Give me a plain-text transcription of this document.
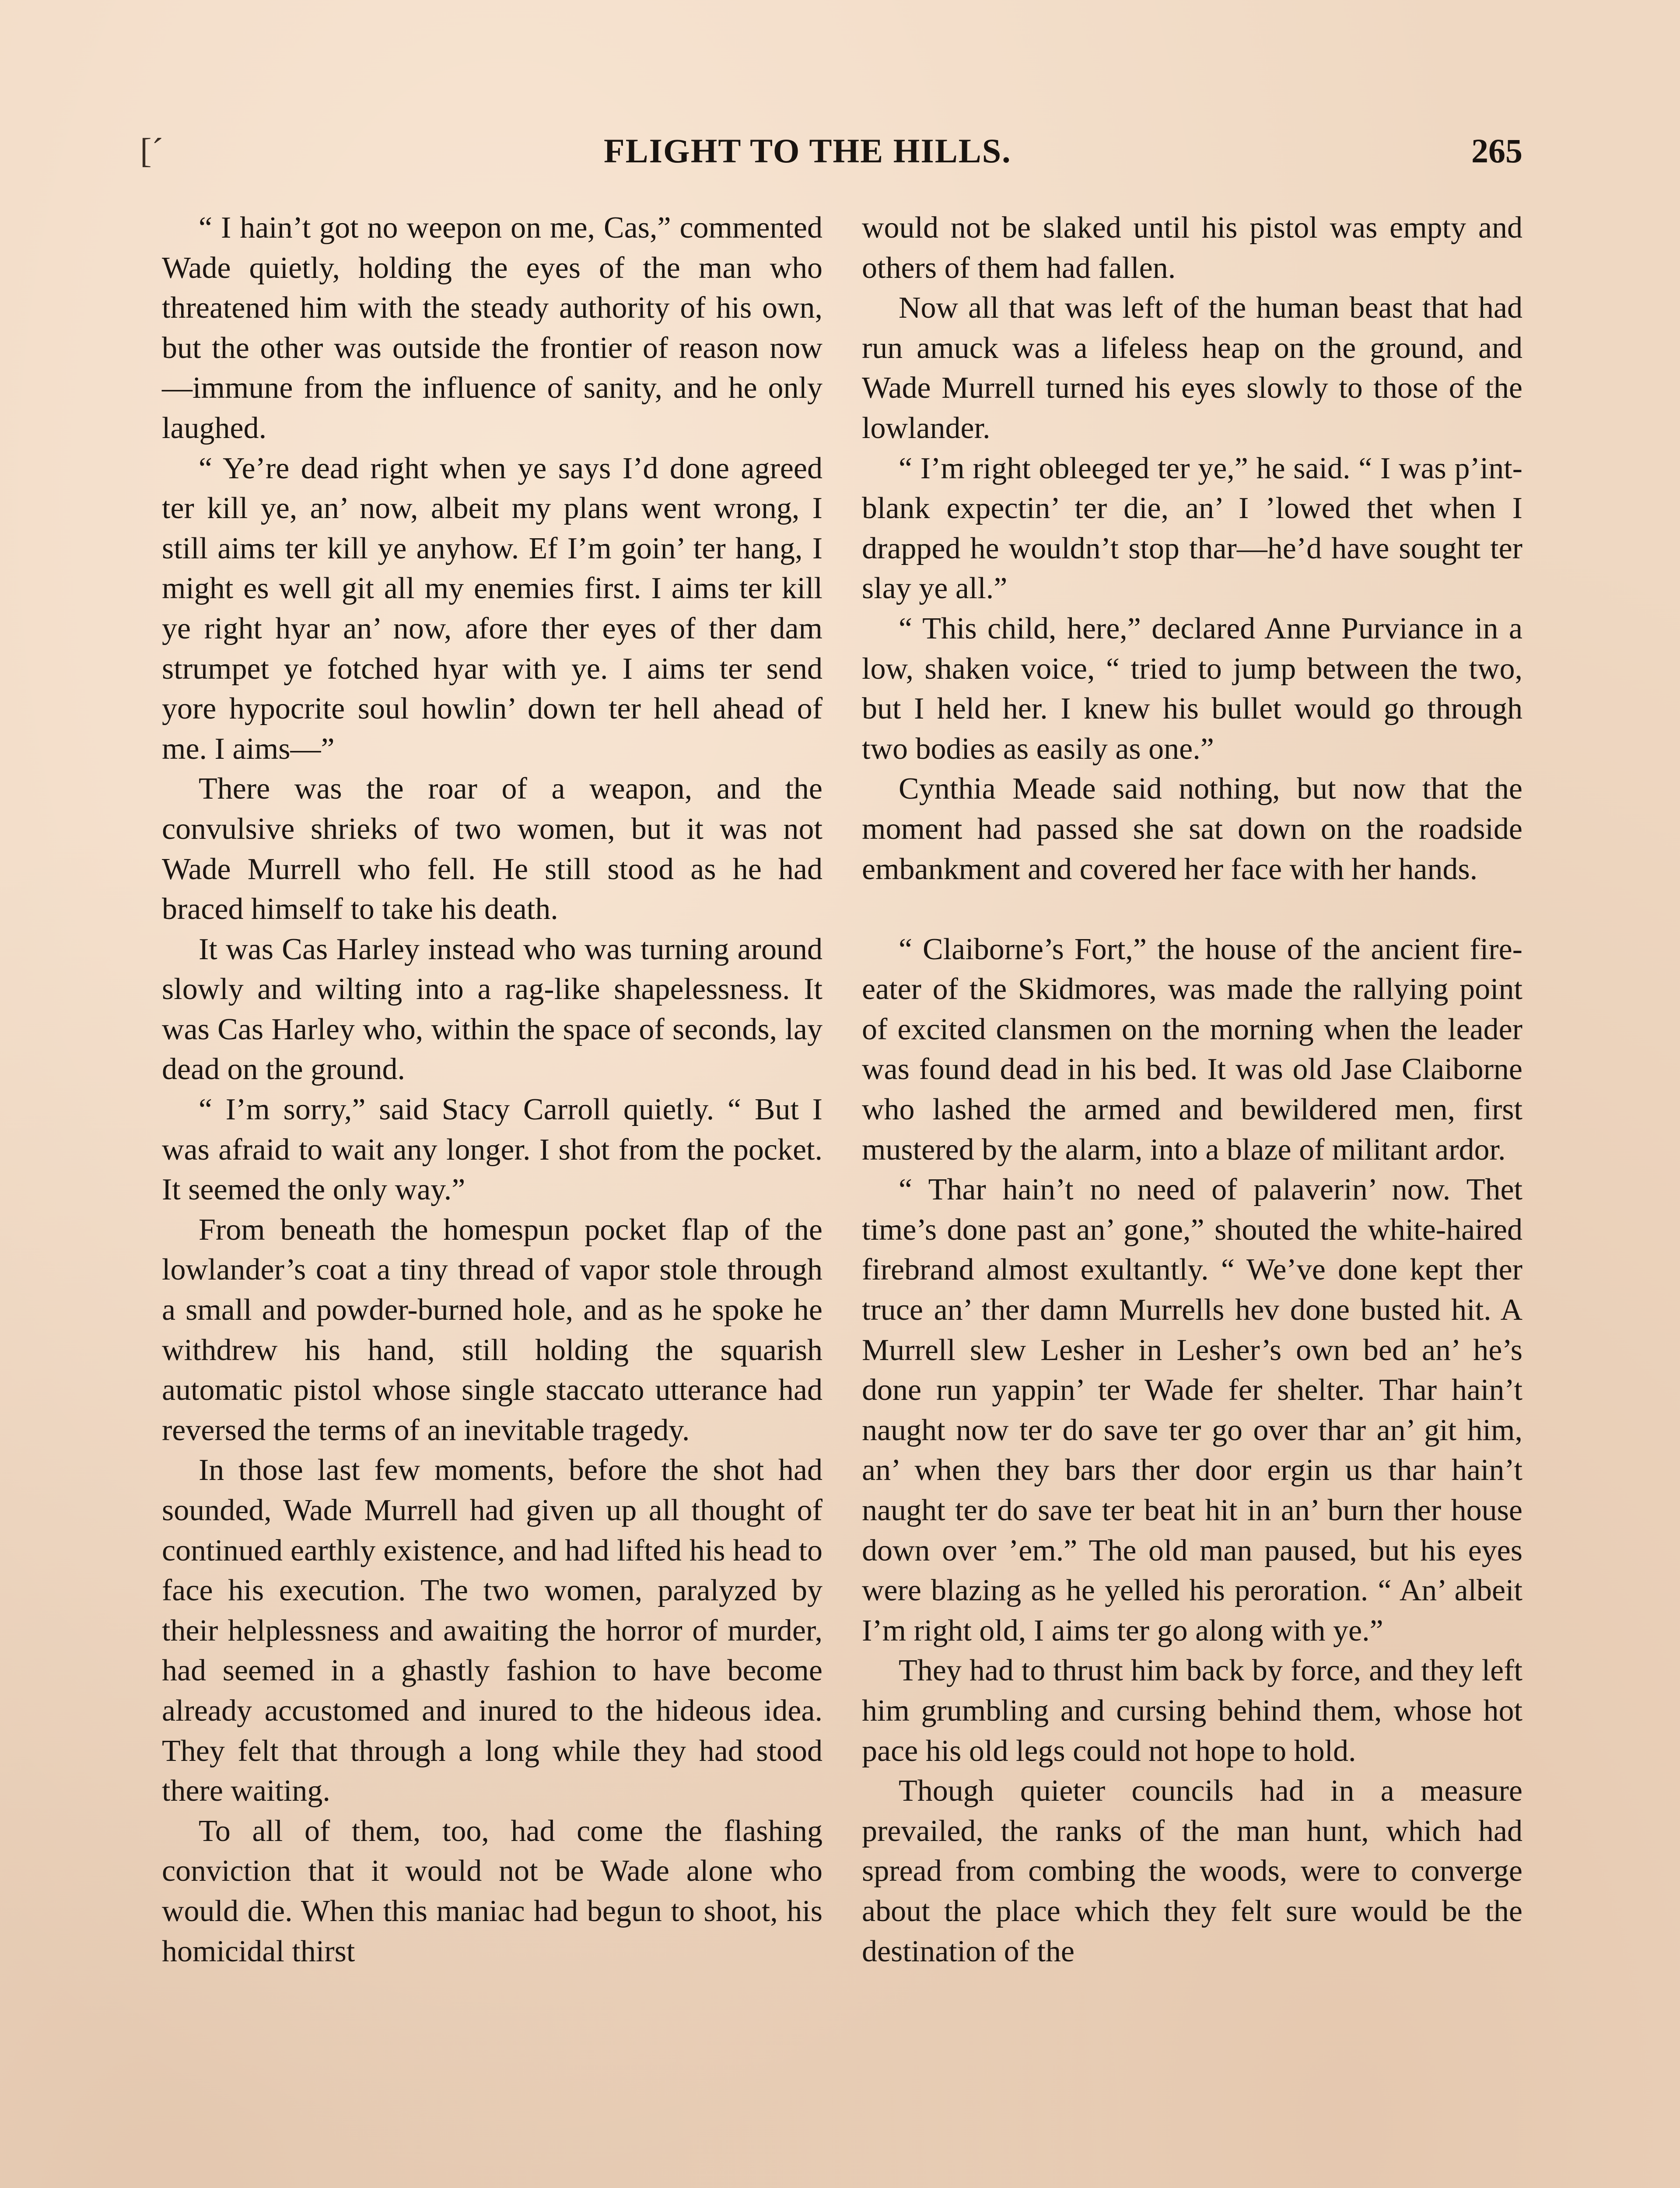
[ˊ	FLIGHT TO THE HILLS.	265

“ I hain’t got no weepon on me, Cas,” commented Wade quietly, holding the eyes of the man who threatened him with the steady authority of his own, but the other was outside the frontier of reason now—immune from the influence of sanity, and he only laughed.

“ Ye’re dead right when ye says I’d done agreed ter kill ye, an’ now, albeit my plans went wrong, I still aims ter kill ye anyhow. Ef I’m goin’ ter hang, I might es well git all my enemies first. I aims ter kill ye right hyar an’ now, afore ther eyes of ther dam strumpet ye fotched hyar with ye. I aims ter send yore hypocrite soul howlin’ down ter hell ahead of me. I aims—”

There was the roar of a weapon, and the convulsive shrieks of two women, but it was not Wade Murrell who fell. He still stood as he had braced himself to take his death.

It was Cas Harley instead who was turning around slowly and wilting into a rag-like shapelessness. It was Cas Harley who, within the space of seconds, lay dead on the ground.

“ I’m sorry,” said Stacy Carroll quietly. “ But I was afraid to wait any longer. I shot from the pocket. It seemed the only way.”

From beneath the homespun pocket flap of the lowlander’s coat a tiny thread of vapor stole through a small and powder-burned hole, and as he spoke he withdrew his hand, still holding the squarish automatic pistol whose single staccato utterance had reversed the terms of an inevitable tragedy.

In those last few moments, before the shot had sounded, Wade Murrell had given up all thought of continued earthly existence, and had lifted his head to face his execution. The two women, paralyzed by their helplessness and awaiting the horror of murder, had seemed in a ghastly fashion to have become already accustomed and inured to the hideous idea. They felt that through a long while they had stood there waiting.

To all of them, too, had come the flashing conviction that it would not be Wade alone who would die. When this maniac had begun to shoot, his homicidal thirst

would not be slaked until his pistol was empty and others of them had fallen.

Now all that was left of the human beast that had run amuck was a lifeless heap on the ground, and Wade Murrell turned his eyes slowly to those of the lowlander.

“ I’m right obleeged ter ye,” he said. “ I was p’int-blank expectin’ ter die, an’ I ’lowed thet when I drapped he wouldn’t stop thar—he’d have sought ter slay ye all.”

“ This child, here,” declared Anne Purviance in a low, shaken voice, “ tried to jump between the two, but I held her. I knew his bullet would go through two bodies as easily as one.”

Cynthia Meade said nothing, but now that the moment had passed she sat down on the roadside embankment and covered her face with her hands.

“ Claiborne’s Fort,” the house of the ancient fire-eater of the Skidmores, was made the rallying point of excited clansmen on the morning when the leader was found dead in his bed. It was old Jase Claiborne who lashed the armed and bewildered men, first mustered by the alarm, into a blaze of militant ardor.

“ Thar hain’t no need of palaverin’ now. Thet time’s done past an’ gone,” shouted the white-haired firebrand almost exultantly. “ We’ve done kept ther truce an’ ther damn Murrells hev done busted hit. A Murrell slew Lesher in Lesher’s own bed an’ he’s done run yappin’ ter Wade fer shelter. Thar hain’t naught now ter do save ter go over thar an’ git him, an’ when they bars ther door ergin us thar hain’t naught ter do save ter beat hit in an’ burn ther house down over ’em.” The old man paused, but his eyes were blazing as he yelled his peroration. “ An’ albeit I’m right old, I aims ter go along with ye.”

They had to thrust him back by force, and they left him grumbling and cursing behind them, whose hot pace his old legs could not hope to hold.

Though quieter councils had in a measure prevailed, the ranks of the man hunt, which had spread from combing the woods, were to converge about the place which they felt sure would be the destination of the
